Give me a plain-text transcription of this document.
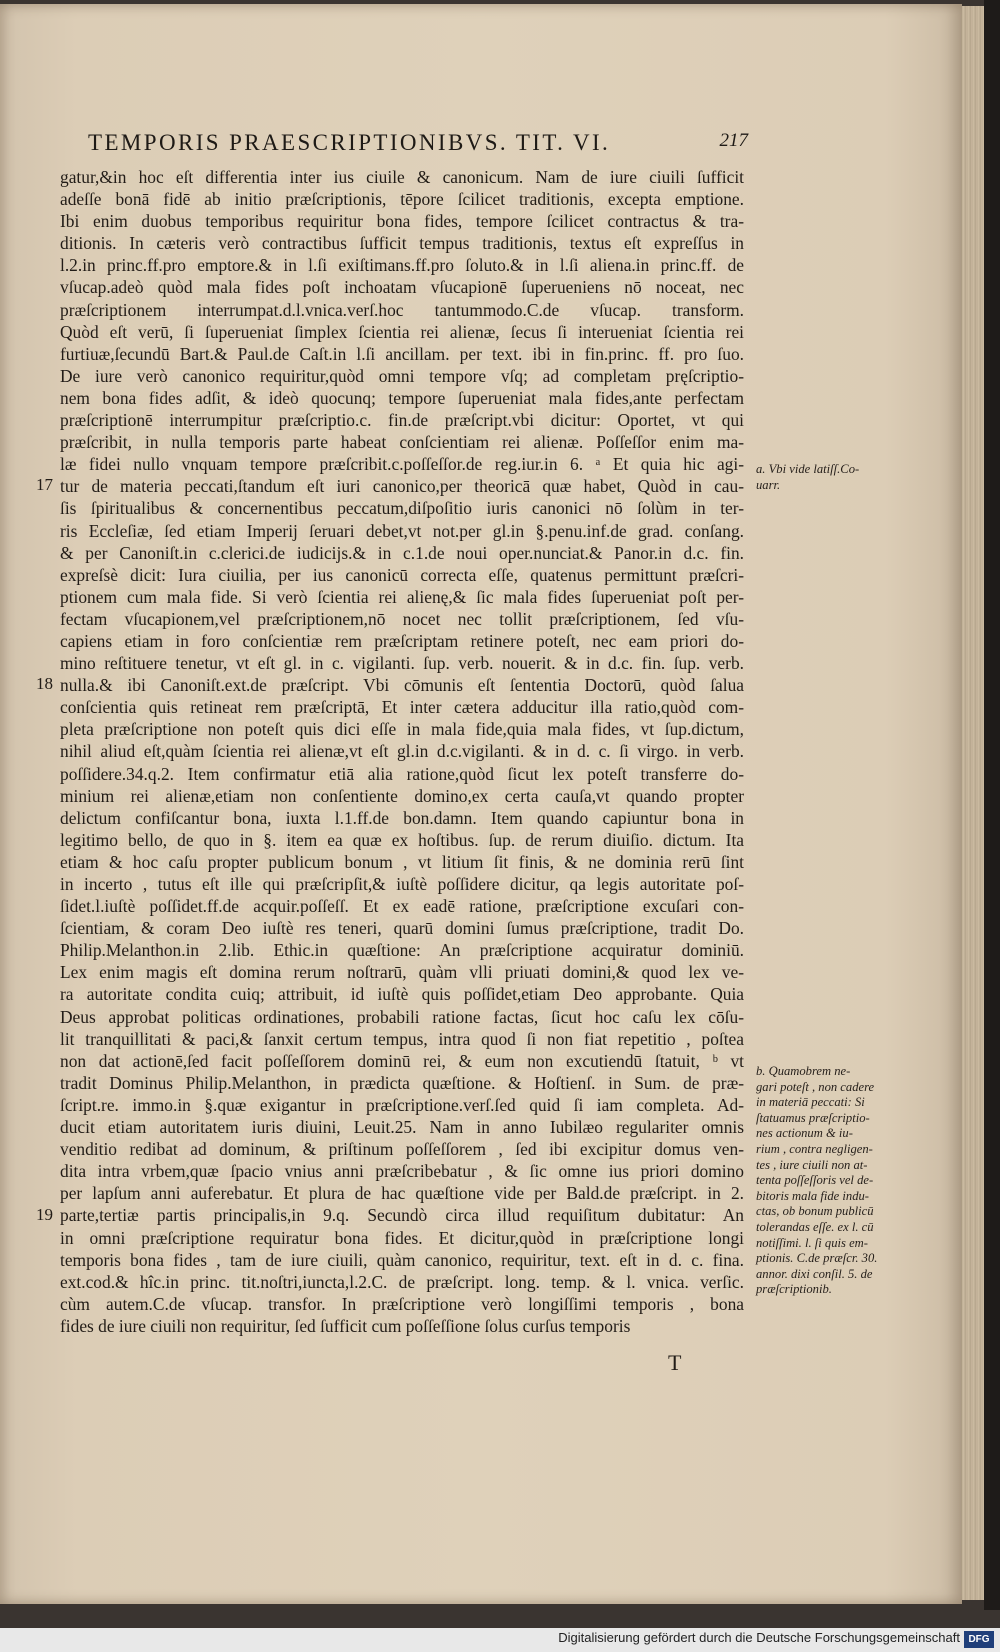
TEMPORIS PRAESCRIPTIONIBVS. TIT. VI.	217
gatur,&in hoc eſt differentia inter ius ciuile & canonicum. Nam de iure ciuili ſufficit
adeſſe bonā fidē ab initio præſcriptionis, tēpore ſcilicet traditionis, excepta emptione.
Ibi enim duobus temporibus requiritur bona fides, tempore ſcilicet contractus & tra-
ditionis. In cæteris verò contractibus ſufficit tempus traditionis, textus eſt expreſſus in
l.2.in princ.ff.pro emptore.& in l.ſi exiſtimans.ff.pro ſoluto.& in l.ſi aliena.in princ.ff. de
vſucap.adeò quòd mala fides poſt inchoatam vſucapionē ſuperueniens nō noceat, nec
præſcriptionem interrumpat.d.l.vnica.verſ.hoc tantummodo.C.de vſucap. transform.
Quòd eſt verū, ſi ſuperueniat ſimplex ſcientia rei alienæ, ſecus ſi interueniat ſcientia rei
furtiuæ,ſecundū Bart.& Paul.de Caſt.in l.ſi ancillam. per text. ibi in fin.princ. ff. pro ſuo.
De iure verò canonico requiritur,quòd omni tempore vſq; ad completam pręſcriptio-
nem bona fides adſit, & ideò quocunq; tempore ſuperueniat mala fides,ante perfectam
præſcriptionē interrumpitur præſcriptio.c. fin.de præſcript.vbi dicitur: Oportet, vt qui
præſcribit, in nulla temporis parte habeat conſcientiam rei alienæ. Poſſeſſor enim ma-
læ fidei nullo vnquam tempore præſcribit.c.poſſeſſor.de reg.iur.in 6. ᵃ Et quia hic agi-
tur de materia peccati,ſtandum eſt iuri canonico,per theoricā quæ habet, Quòd in cau-
ſis ſpiritualibus & concernentibus peccatum,diſpoſitio iuris canonici nō ſolùm in ter-
ris Eccleſiæ, ſed etiam Imperij ſeruari debet,vt not.per gl.in §.penu.inf.de grad. conſang.
& per Canoniſt.in c.clerici.de iudicijs.& in c.1.de noui oper.nunciat.& Panor.in d.c. fin.
expreſsè dicit: Iura ciuilia, per ius canonicū correcta eſſe, quatenus permittunt præſcri-
ptionem cum mala fide. Si verò ſcientia rei alienę,& ſic mala fides ſuperueniat poſt per-
fectam vſucapionem,vel præſcriptionem,nō nocet nec tollit præſcriptionem, ſed vſu-
capiens etiam in foro conſcientiæ rem præſcriptam retinere poteſt, nec eam priori do-
mino reſtituere tenetur, vt eſt gl. in c. vigilanti. ſup. verb. nouerit. & in d.c. fin. ſup. verb.
nulla.& ibi Canoniſt.ext.de præſcript. Vbi cōmunis eſt ſententia Doctorū, quòd ſalua
conſcientia quis retineat rem præſcriptā, Et inter cætera adducitur illa ratio,quòd com-
pleta præſcriptione non poteſt quis dici eſſe in mala fide,quia mala fides, vt ſup.dictum,
nihil aliud eſt,quàm ſcientia rei alienæ,vt eſt gl.in d.c.vigilanti. & in d. c. ſi virgo. in verb.
poſſidere.34.q.2. Item confirmatur etiā alia ratione,quòd ſicut lex poteſt transferre do-
minium rei alienæ,etiam non conſentiente domino,ex certa cauſa,vt quando propter
delictum confiſcantur bona, iuxta l.1.ff.de bon.damn. Item quando capiuntur bona in
legitimo bello, de quo in §. item ea quæ ex hoſtibus. ſup. de rerum diuiſio. dictum. Ita
etiam & hoc caſu propter publicum bonum , vt litium ſit finis, & ne dominia rerū ſint
in incerto , tutus eſt ille qui præſcripſit,& iuſtè poſſidere dicitur, qa legis autoritate poſ-
ſidet.l.iuſtè poſſidet.ff.de acquir.poſſeſſ. Et ex eadē ratione, præſcriptione excuſari con-
ſcientiam, & coram Deo iuſtè res teneri, quarū domini ſumus præſcriptione, tradit Do.
Philip.Melanthon.in 2.lib. Ethic.in quæſtione: An præſcriptione acquiratur dominiū.
Lex enim magis eſt domina rerum noſtrarū, quàm vlli priuati domini,& quod lex ve-
ra autoritate condita cuiq; attribuit, id iuſtè quis poſſidet,etiam Deo approbante. Quia
Deus approbat politicas ordinationes, probabili ratione factas, ſicut hoc caſu lex cōſu-
lit tranquillitati & paci,& ſanxit certum tempus, intra quod ſi non fiat repetitio , poſtea
non dat actionē,ſed facit poſſeſſorem dominū rei, & eum non excutiendū ſtatuit, ᵇ vt
tradit Dominus Philip.Melanthon, in prædicta quæſtione. & Hoſtienſ. in Sum. de præ-
ſcript.re. immo.in §.quæ exigantur in præſcriptione.verſ.ſed quid ſi iam completa. Ad-
ducit etiam autoritatem iuris diuini, Leuit.25. Nam in anno Iubilæo regulariter omnis
venditio redibat ad dominum, & priſtinum poſſeſſorem , ſed ibi excipitur domus ven-
dita intra vrbem,quæ ſpacio vnius anni præſcribebatur , & ſic omne ius priori domino
per lapſum anni auferebatur. Et plura de hac quæſtione vide per Bald.de præſcript. in 2.
parte,tertiæ partis principalis,in 9.q. Secundò circa illud requiſitum dubitatur: An
in omni præſcriptione requiratur bona fides. Et dicitur,quòd in præſcriptione longi
temporis bona fides , tam de iure ciuili, quàm canonico, requiritur, text. eſt in d. c. fina.
ext.cod.& hîc.in princ. tit.noſtri,iuncta,l.2.C. de præſcript. long. temp. & l. vnica. verſic.
cùm autem.C.de vſucap. transfor. In præſcriptione verò longiſſimi temporis , bona
fides de iure ciuili non requiritur, ſed ſufficit cum poſſeſſione ſolus curſus temporis
17
18
19
a. Vbi vide latiſſ.Co-
uarr.
b. Quamobrem ne-
gari poteſt , non cadere
in materiā peccati: Si
ſtatuamus præſcriptio-
nes actionum & iu-
rium , contra negligen-
tes , iure ciuili non at-
tenta poſſeſſoris vel de-
bitoris mala fide indu-
ctas, ob bonum publicū
tolerandas eſſe. ex l. cū
notiſſimi. l. ſi quis em-
ptionis. C.de præſcr. 30.
annor. dixi conſil. 5. de
præſcriptionib.
T
Digitalisierung gefördert durch die Deutsche Forschungsgemeinschaft DFG
